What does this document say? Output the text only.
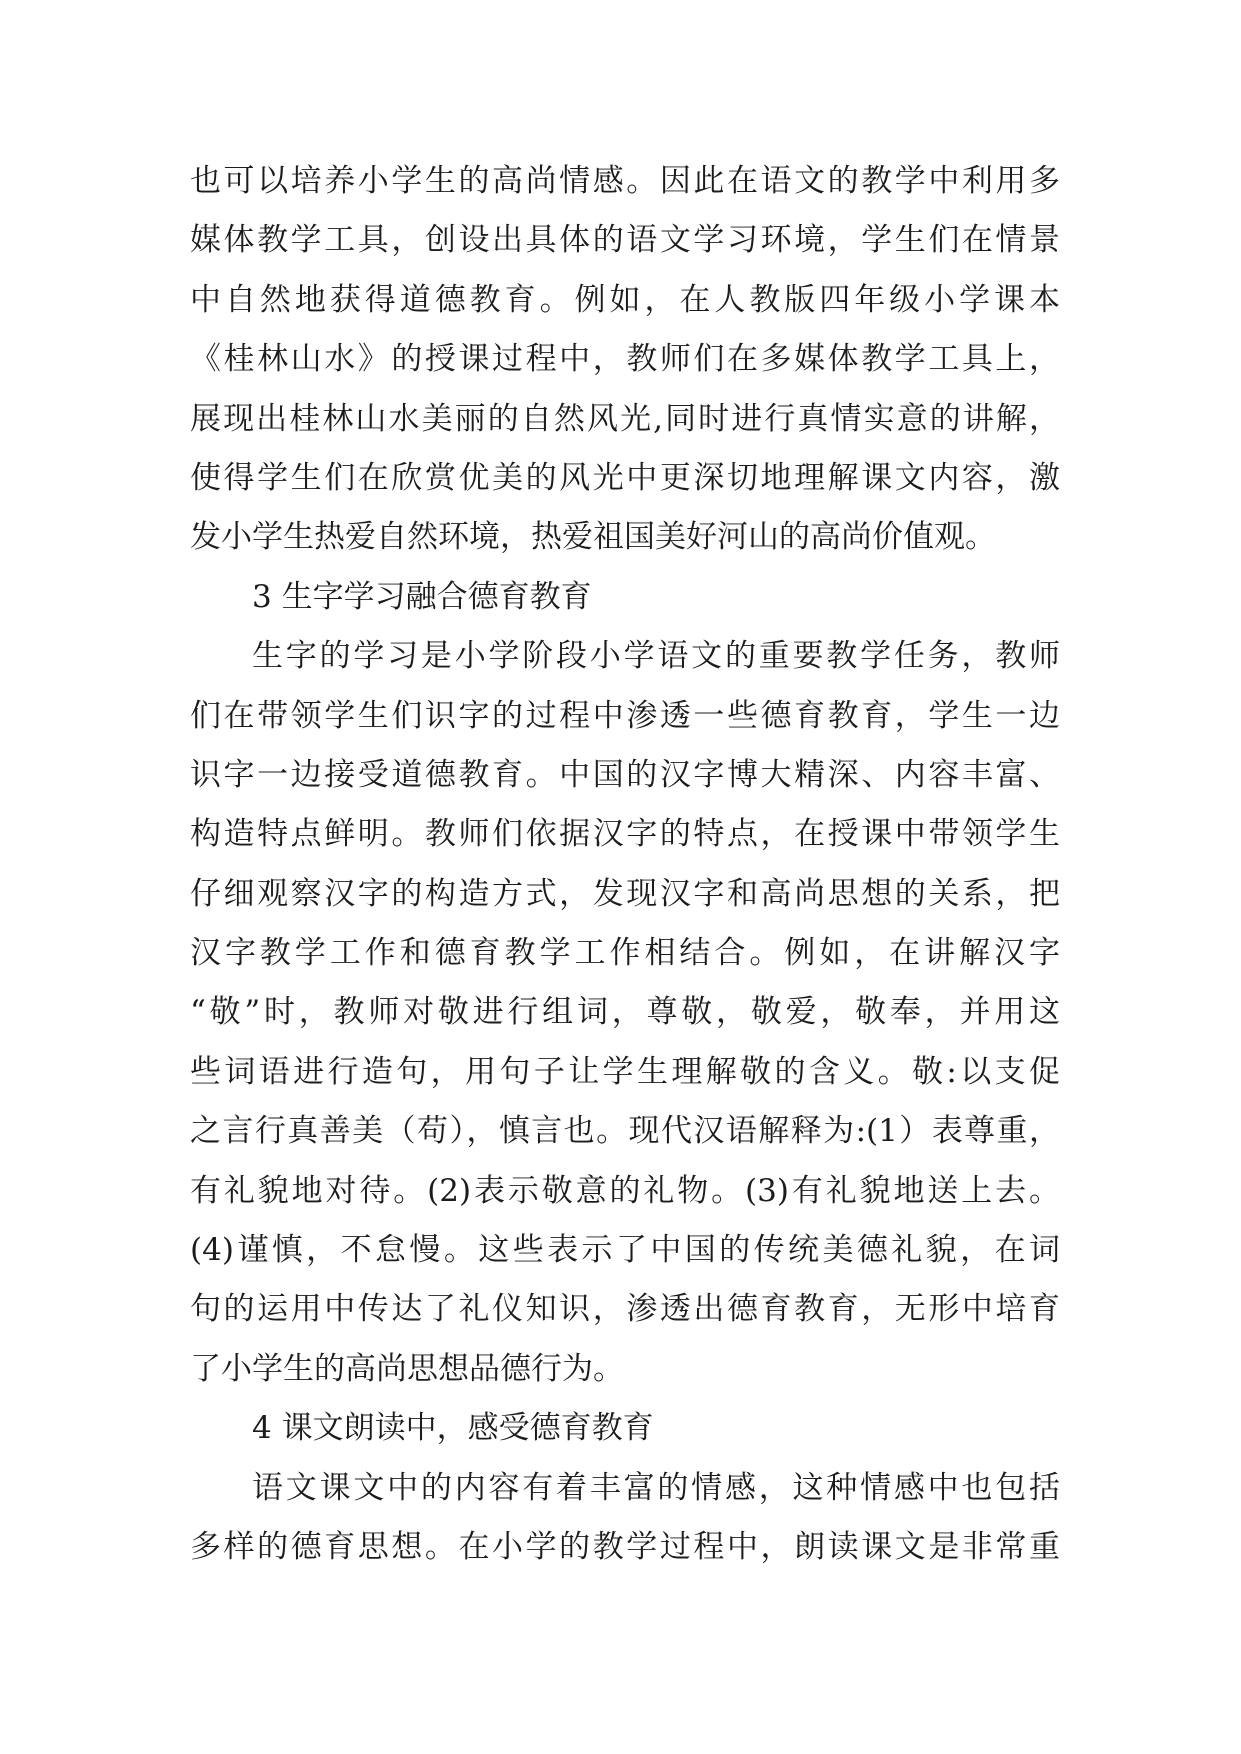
也可以培养小学生的高尚情感。因此在语文的教学中利用多
媒体教学工具，创设出具体的语文学习环境，学生们在情景
中自然地获得道德教育。例如，在人教版四年级小学课本
《桂林山水》的授课过程中，教师们在多媒体教学工具上，
展现出桂林山水美丽的自然风光,同时进行真情实意的讲解，
使得学生们在欣赏优美的风光中更深切地理解课文内容，激
发小学生热爱自然环境，热爱祖国美好河山的高尚价值观。
3 生字学习融合德育教育
生字的学习是小学阶段小学语文的重要教学任务，教师
们在带领学生们识字的过程中渗透一些德育教育，学生一边
识字一边接受道德教育。中国的汉字博大精深、内容丰富、
构造特点鲜明。教师们依据汉字的特点，在授课中带领学生
仔细观察汉字的构造方式，发现汉字和高尚思想的关系，把
汉字教学工作和德育教学工作相结合。例如，在讲解汉字
“敬”时，教师对敬进行组词，尊敬，敬爱，敬奉，并用这
些词语进行造句，用句子让学生理解敬的含义。敬:以支促
之言行真善美（苟），慎言也。现代汉语解释为:(1）表尊重，
有礼貌地对待。(2)表示敬意的礼物。(3)有礼貌地送上去。
(4)谨慎，不怠慢。这些表示了中国的传统美德礼貌，在词
句的运用中传达了礼仪知识，渗透出德育教育，无形中培育
了小学生的高尚思想品德行为。
4 课文朗读中，感受德育教育
语文课文中的内容有着丰富的情感，这种情感中也包括
多样的德育思想。在小学的教学过程中，朗读课文是非常重
